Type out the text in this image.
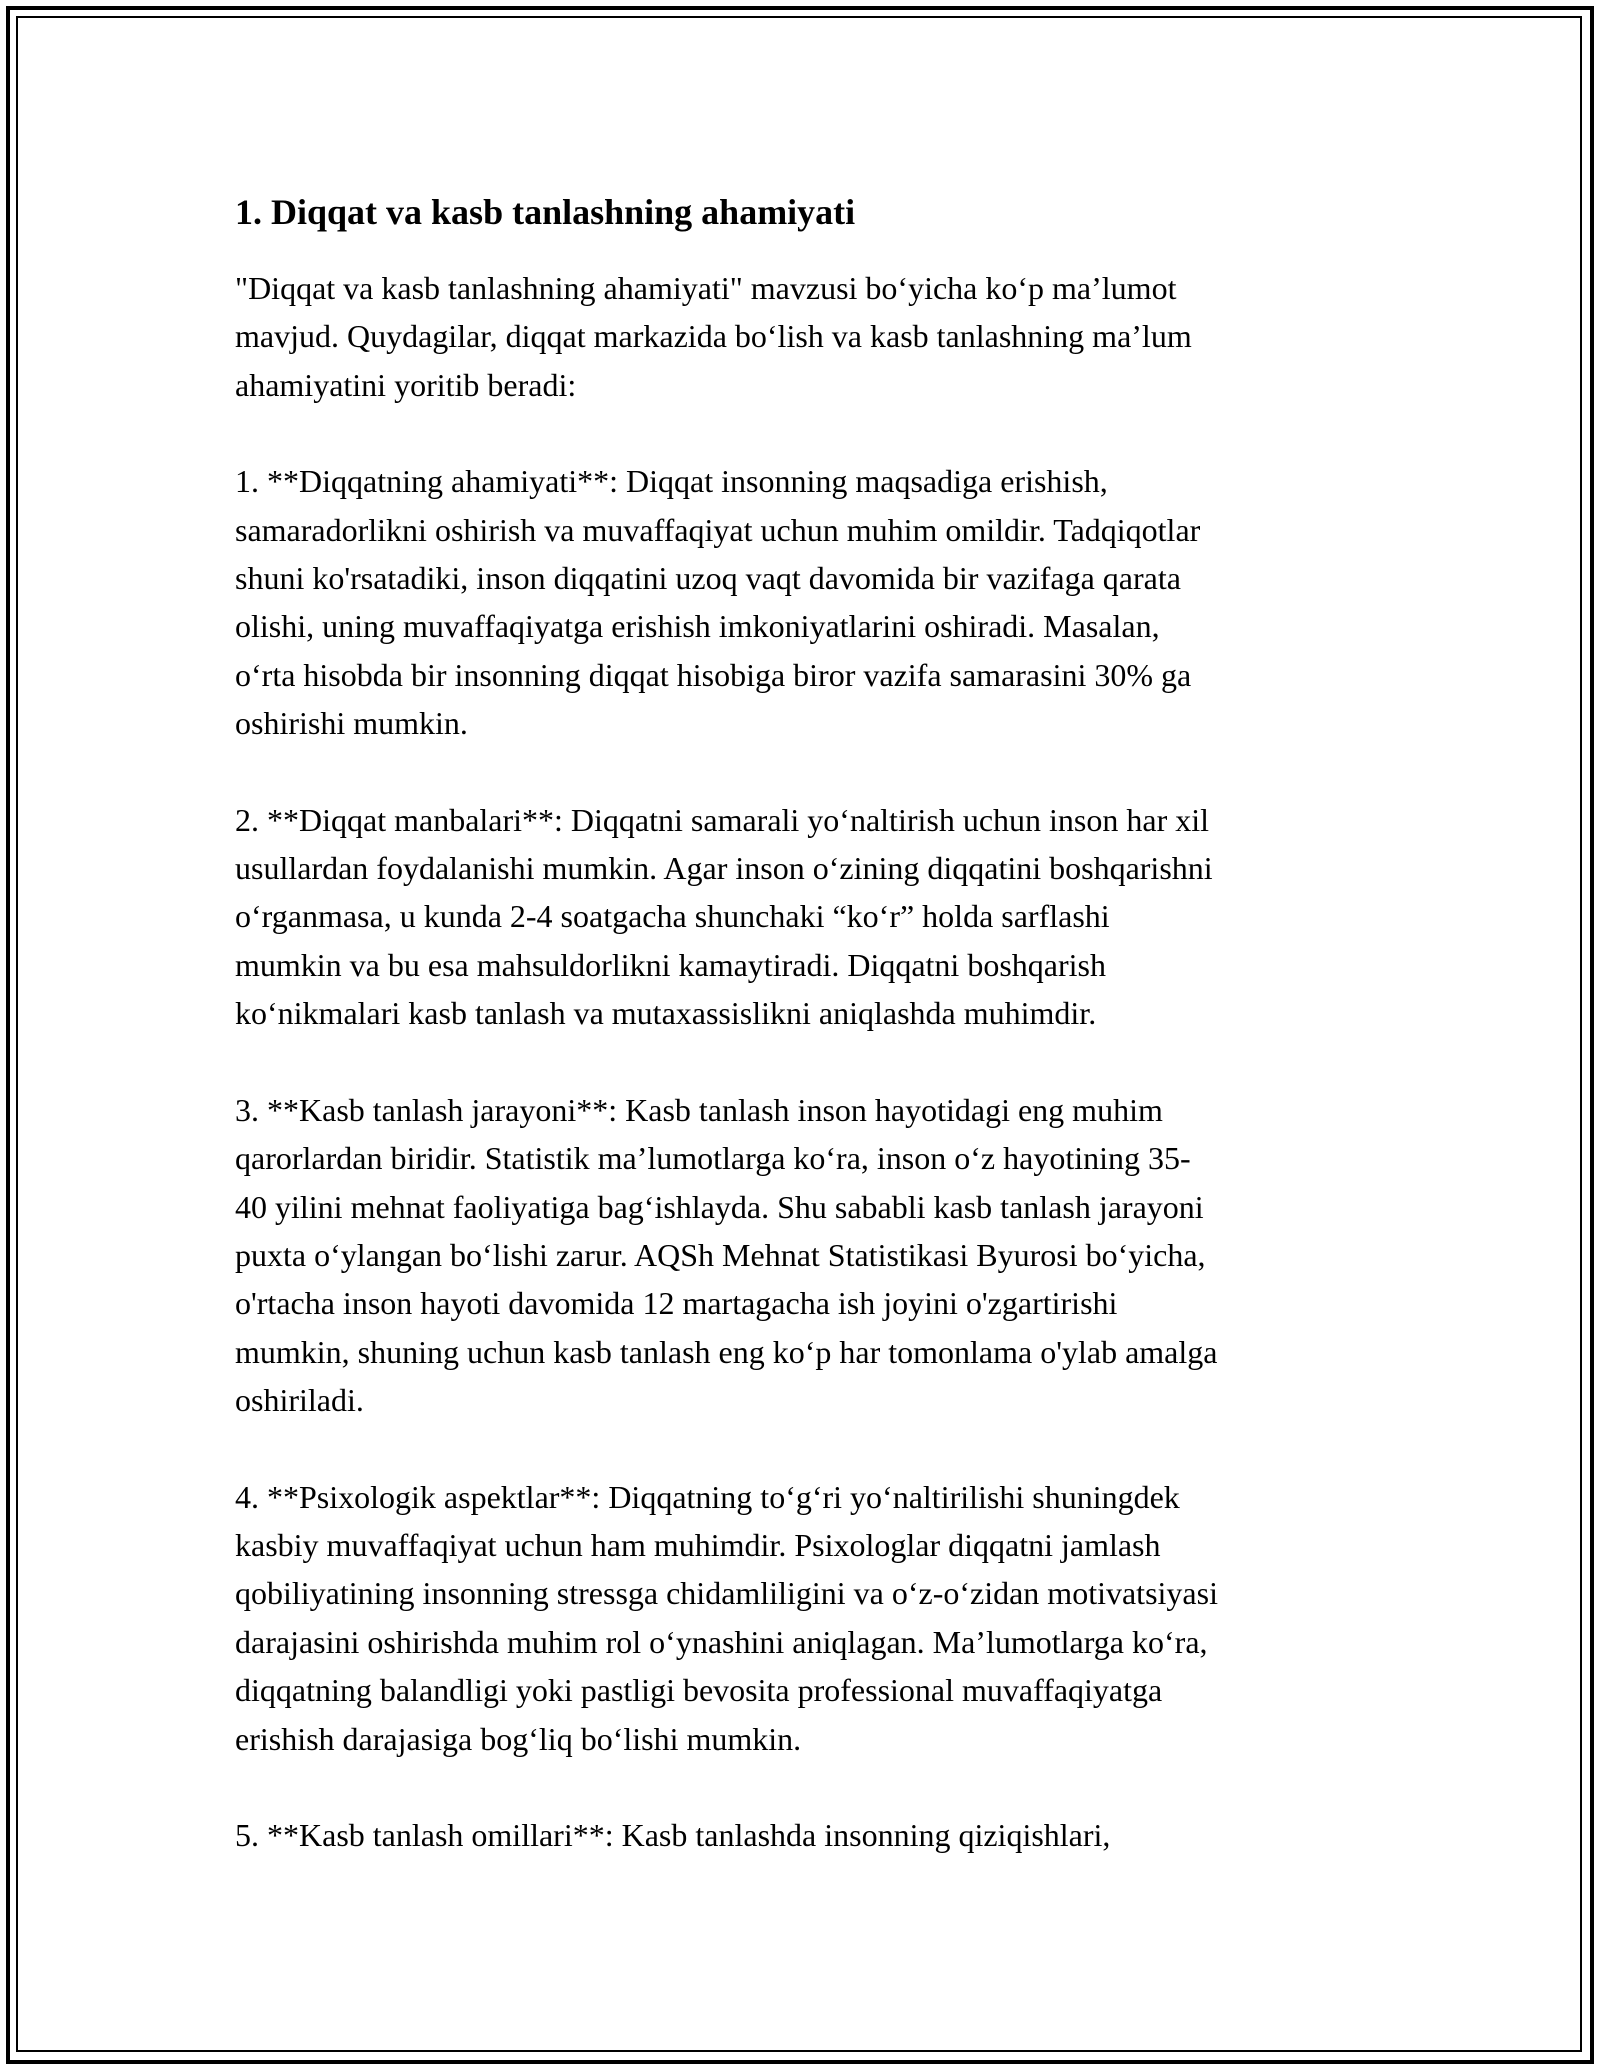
1. Diqqat va kasb tanlashning ahamiyati
"Diqqat va kasb tanlashning ahamiyati" mavzusi bo‘yicha ko‘p ma’lumot
mavjud. Quydagilar, diqqat markazida bo‘lish va kasb tanlashning ma’lum
ahamiyatini yoritib beradi:
1. **Diqqatning ahamiyati**: Diqqat insonning maqsadiga erishish,
samaradorlikni oshirish va muvaffaqiyat uchun muhim omildir. Tadqiqotlar
shuni ko'rsatadiki, inson diqqatini uzoq vaqt davomida bir vazifaga qarata
olishi, uning muvaffaqiyatga erishish imkoniyatlarini oshiradi. Masalan,
o‘rta hisobda bir insonning diqqat hisobiga biror vazifa samarasini 30% ga
oshirishi mumkin.
2. **Diqqat manbalari**: Diqqatni samarali yo‘naltirish uchun inson har xil
usullardan foydalanishi mumkin. Agar inson o‘zining diqqatini boshqarishni
o‘rganmasa, u kunda 2-4 soatgacha shunchaki “ko‘r” holda sarflashi
mumkin va bu esa mahsuldorlikni kamaytiradi. Diqqatni boshqarish
ko‘nikmalari kasb tanlash va mutaxassislikni aniqlashda muhimdir.
3. **Kasb tanlash jarayoni**: Kasb tanlash inson hayotidagi eng muhim
qarorlardan biridir. Statistik ma’lumotlarga ko‘ra, inson o‘z hayotining 35-
40 yilini mehnat faoliyatiga bag‘ishlayda. Shu sababli kasb tanlash jarayoni
puxta o‘ylangan bo‘lishi zarur. AQSh Mehnat Statistikasi Byurosi bo‘yicha,
o'rtacha inson hayoti davomida 12 martagacha ish joyini o'zgartirishi
mumkin, shuning uchun kasb tanlash eng ko‘p har tomonlama o'ylab amalga
oshiriladi.
4. **Psixologik aspektlar**: Diqqatning to‘g‘ri yo‘naltirilishi shuningdek
kasbiy muvaffaqiyat uchun ham muhimdir. Psixologlar diqqatni jamlash
qobiliyatining insonning stressga chidamliligini va o‘z-o‘zidan motivatsiyasi
darajasini oshirishda muhim rol o‘ynashini aniqlagan. Ma’lumotlarga ko‘ra,
diqqatning balandligi yoki pastligi bevosita professional muvaffaqiyatga
erishish darajasiga bog‘liq bo‘lishi mumkin.
5. **Kasb tanlash omillari**: Kasb tanlashda insonning qiziqishlari,
